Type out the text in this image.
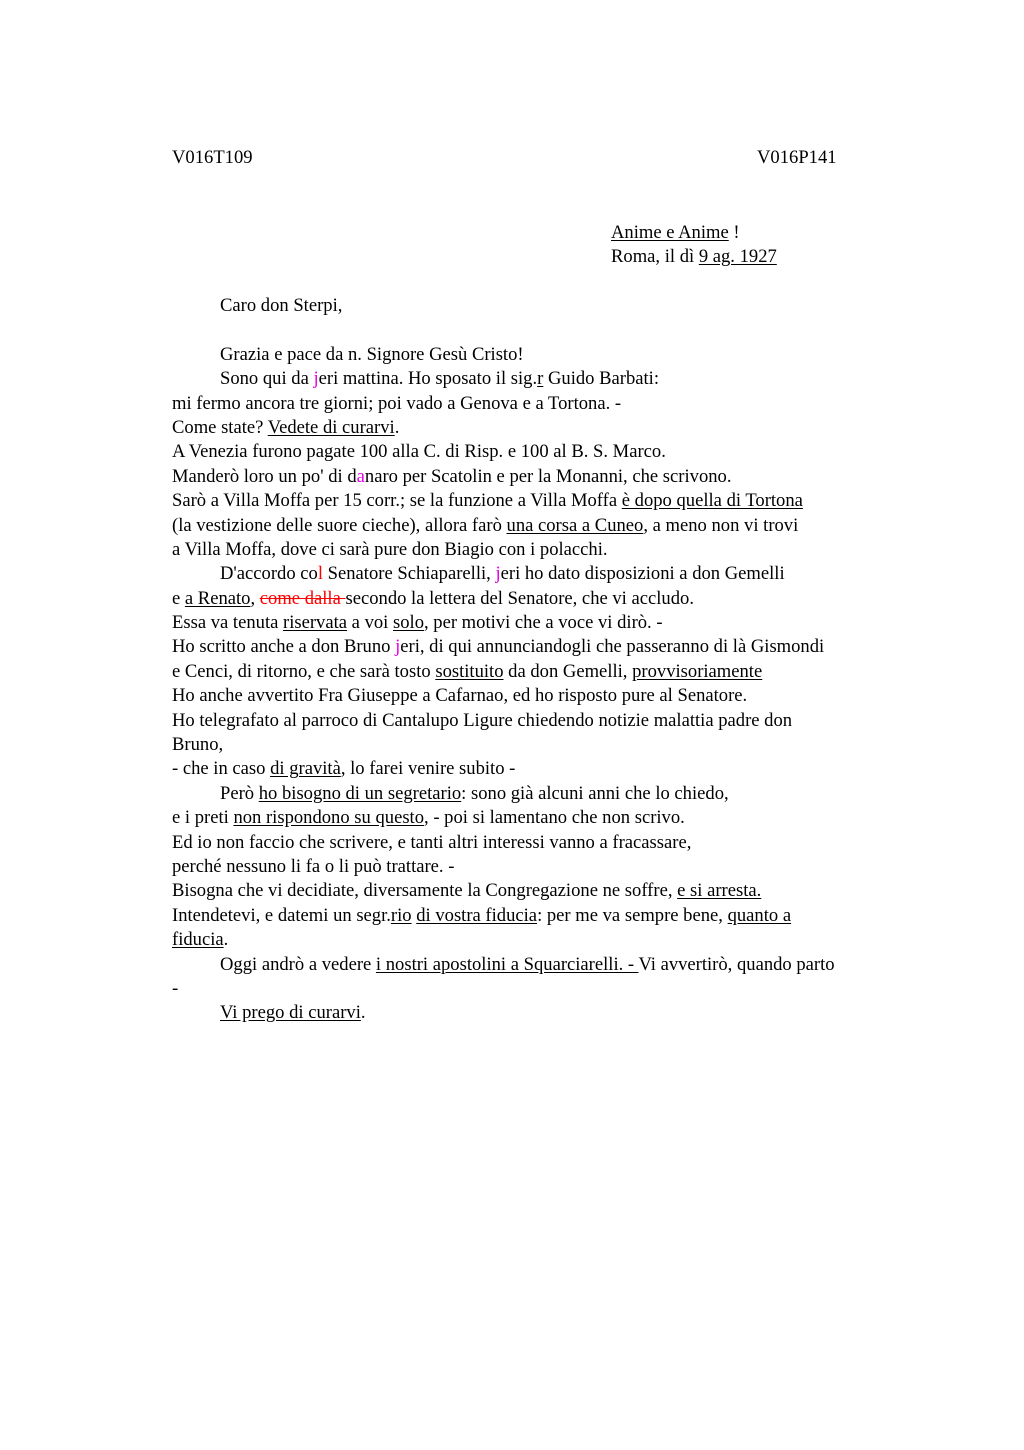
V016T109	V016P141
Anime e Anime !
Roma, il dì 9 ag. 1927
Caro don Sterpi,
Grazia e pace da n. Signore Gesù Cristo!
Sono qui da jeri mattina. Ho sposato il sig.r Guido Barbati:
mi fermo ancora tre giorni; poi vado a Genova e a Tortona. -
Come state? Vedete di curarvi.
A Venezia furono pagate 100 alla C. di Risp. e 100 al B. S. Marco.
Manderò loro un po' di danaro per Scatolin e per la Monanni, che scrivono.
Sarò a Villa Moffa per 15 corr.; se la funzione a Villa Moffa è dopo quella di Tortona
(la vestizione delle suore cieche), allora farò una corsa a Cuneo, a meno non vi trovi
a Villa Moffa, dove ci sarà pure don Biagio con i polacchi.
D'accordo col Senatore Schiaparelli, jeri ho dato disposizioni a don Gemelli
e a Renato, come dalla secondo la lettera del Senatore, che vi accludo.
Essa va tenuta riservata a voi solo, per motivi che a voce vi dirò. -
Ho scritto anche a don Bruno jeri, di qui annunciandogli che passeranno di là Gismondi
e Cenci, di ritorno, e che sarà tosto sostituito da don Gemelli, provvisoriamente
Ho anche avvertito Fra Giuseppe a Cafarnao, ed ho risposto pure al Senatore.
Ho telegrafato al parroco di Cantalupo Ligure chiedendo notizie malattia padre don
Bruno,
- che in caso di gravità, lo farei venire subito -
Però ho bisogno di un segretario: sono già alcuni anni che lo chiedo,
e i preti non rispondono su questo, - poi si lamentano che non scrivo.
Ed io non faccio che scrivere, e tanti altri interessi vanno a fracassare,
perché nessuno li fa o li può trattare. -
Bisogna che vi decidiate, diversamente la Congregazione ne soffre, e si arresta.
Intendetevi, e datemi un segr.rio di vostra fiducia: per me va sempre bene, quanto a
fiducia.
Oggi andrò a vedere i nostri apostolini a Squarciarelli. - Vi avvertirò, quando parto
-
Vi prego di curarvi.
